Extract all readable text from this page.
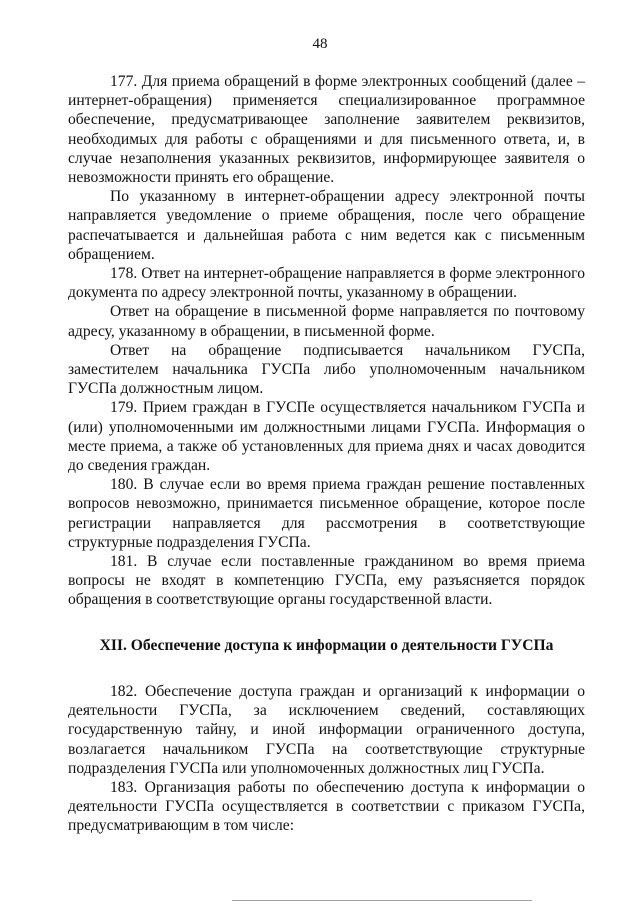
48

177. Для приема обращений в форме электронных сообщений (далее – интернет-обращения) применяется специализированное программное обеспечение, предусматривающее заполнение заявителем реквизитов, необходимых для работы с обращениями и для письменного ответа, и, в случае незаполнения указанных реквизитов, информирующее заявителя о невозможности принять его обращение.

По указанному в интернет-обращении адресу электронной почты направляется уведомление о приеме обращения, после чего обращение распечатывается и дальнейшая работа с ним ведется как с письменным обращением.

178. Ответ на интернет-обращение направляется в форме электронного документа по адресу электронной почты, указанному в обращении.

Ответ на обращение в письменной форме направляется по почтовому адресу, указанному в обращении, в письменной форме.

Ответ на обращение подписывается начальником ГУСПа, заместителем начальника ГУСПа либо уполномоченным начальником ГУСПа должностным лицом.

179. Прием граждан в ГУСПе осуществляется начальником ГУСПа и (или) уполномоченными им должностными лицами ГУСПа. Информация о месте приема, а также об установленных для приема днях и часах доводится до сведения граждан.

180. В случае если во время приема граждан решение поставленных вопросов невозможно, принимается письменное обращение, которое после регистрации направляется для рассмотрения в соответствующие структурные подразделения ГУСПа.

181. В случае если поставленные гражданином во время приема вопросы не входят в компетенцию ГУСПа, ему разъясняется порядок обращения в соответствующие органы государственной власти.

XII. Обеспечение доступа к информации о деятельности ГУСПа

182. Обеспечение доступа граждан и организаций к информации о деятельности ГУСПа, за исключением сведений, составляющих государственную тайну, и иной информации ограниченного доступа, возлагается начальником ГУСПа на соответствующие структурные подразделения ГУСПа или уполномоченных должностных лиц ГУСПа.

183. Организация работы по обеспечению доступа к информации о деятельности ГУСПа осуществляется в соответствии с приказом ГУСПа, предусматривающим в том числе:
